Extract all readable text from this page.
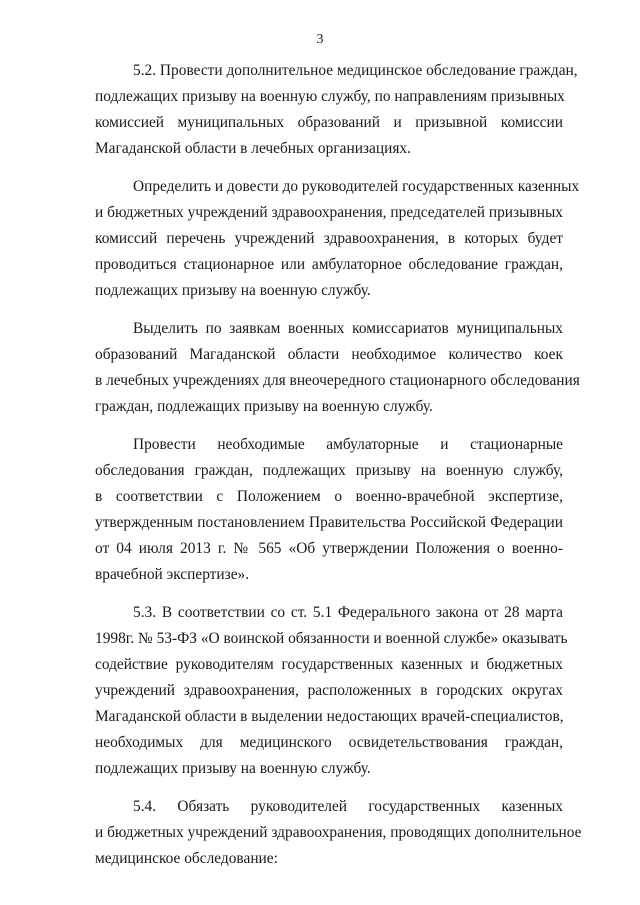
3

5.2. Провести дополнительное медицинское обследование граждан,
подлежащих призыву на военную службу, по направлениям призывных
комиссией муниципальных образований и призывной комиссии
Магаданской области в лечебных организациях.

Определить и довести до руководителей государственных казенных
и бюджетных учреждений здравоохранения, председателей призывных
комиссий перечень учреждений здравоохранения, в которых будет
проводиться стационарное или амбулаторное обследование граждан,
подлежащих призыву на военную службу.

Выделить по заявкам военных комиссариатов муниципальных
образований Магаданской области необходимое количество коек
в лечебных учреждениях для внеочередного стационарного обследования
граждан, подлежащих призыву на военную службу.

Провести необходимые амбулаторные и стационарные
обследования граждан, подлежащих призыву на военную службу,
в соответствии с Положением о военно-врачебной экспертизе,
утвержденным постановлением Правительства Российской Федерации
от 04 июля 2013 г. № 565 «Об утверждении Положения о военно-
врачебной экспертизе».

5.3. В соответствии со ст. 5.1 Федерального закона от 28 марта
1998г. № 53-ФЗ «О воинской обязанности и военной службе» оказывать
содействие руководителям государственных казенных и бюджетных
учреждений здравоохранения, расположенных в городских округах
Магаданской области в выделении недостающих врачей-специалистов,
необходимых для медицинского освидетельствования граждан,
подлежащих призыву на военную службу.

5.4. Обязать руководителей государственных казенных
и бюджетных учреждений здравоохранения, проводящих дополнительное
медицинское обследование:
